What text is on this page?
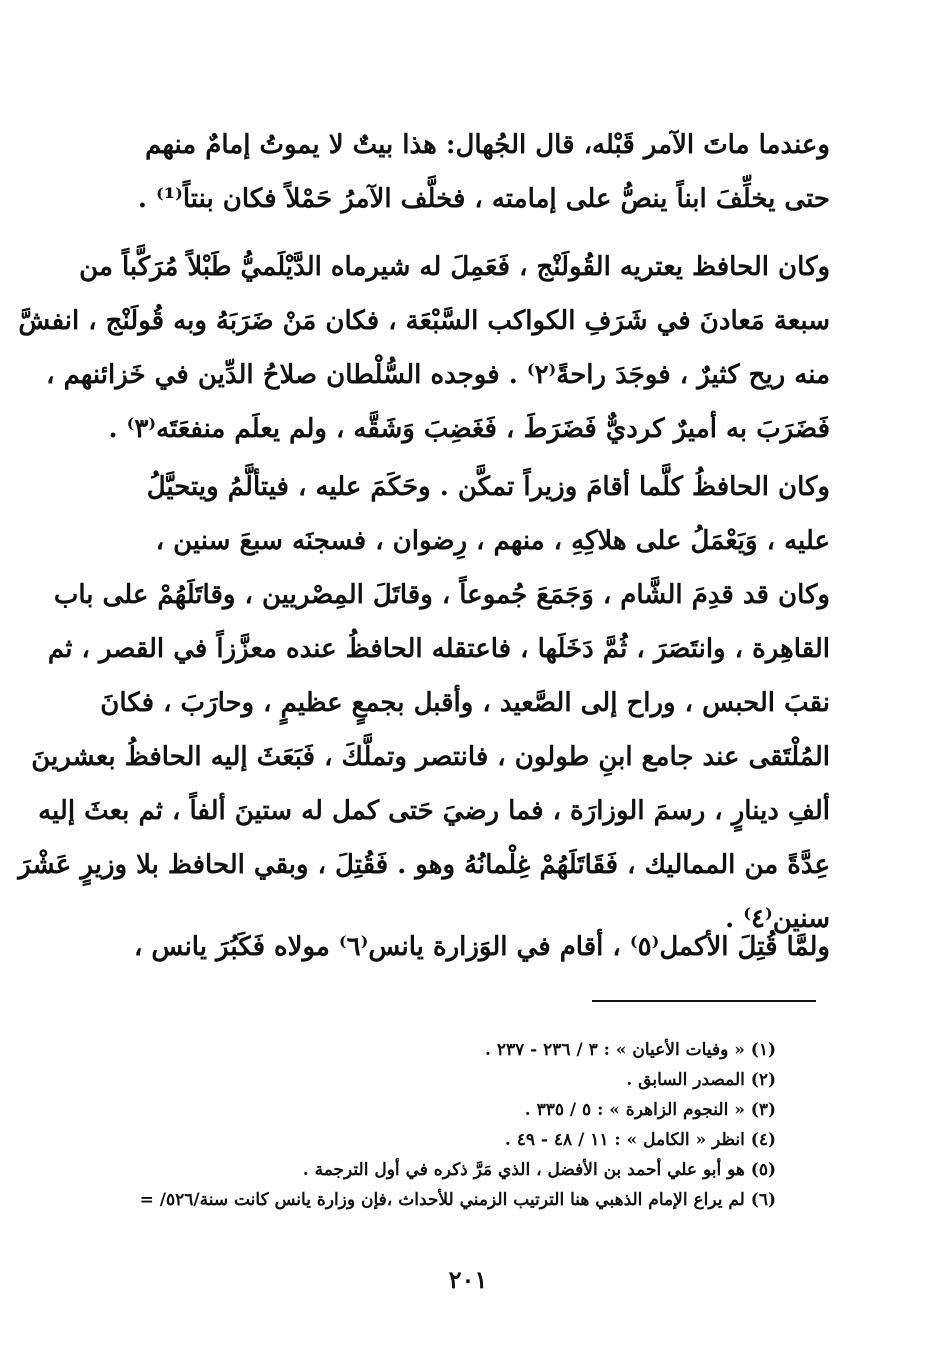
وعندما ماتَ الآمر قَبْله، قال الجُهال: هذا بيتٌ لا يموتُ إمامٌ منهم
حتى يخلِّفَ ابناً ينصُّ على إمامته ، فخلَّف الآمرُ حَمْلاً فكان بنتاً⁽¹⁾ .
وكان الحافظ يعتريه القُولَنْج ، فَعَمِلَ له شيرماه الدَّيْلَميُّ طَبْلاً مُرَكَّباً من
سبعة مَعادنَ في شَرَفِ الكواكب السَّبْعَة ، فكان مَنْ ضَرَبَهُ وبه قُولَنْج ، انفشَّ
منه ريح كثيرٌ ، فوجَدَ راحةً⁽٢⁾ . فوجده السُّلْطان صلاحُ الدِّين في خَزائنهم ،
فَضَرَبَ به أميرٌ كرديٌّ فَضَرَطَ ، فَغَضِبَ وَشَقَّه ، ولم يعلَم منفعَتَه⁽٣⁾ .
وكان الحافظُ كلَّما أقامَ وزيراً تمكَّن . وحَكَمَ عليه ، فيتألَّمُ ويتحيَّلُ
عليه ، وَيَعْمَلُ على هلاكِهِ ، منهم ، رِضوان ، فسجنَه سبعَ سنين ،
وكان قد قدِمَ الشَّام ، وَجَمَعَ جُموعاً ، وقاتَلَ المِصْريين ، وقاتَلَهُمْ على باب
القاهِرة ، وانتَصَرَ ، ثُمَّ دَخَلَها ، فاعتقله الحافظُ عنده معزَّزاً في القصر ، ثم
نقبَ الحبس ، وراح إلى الصَّعيد ، وأقبل بجمعٍ عظيمٍ ، وحارَبَ ، فكانَ
المُلْتَقى عند جامع ابنِ طولون ، فانتصر وتملَّكَ ، فَبَعَثَ إليه الحافظُ بعشرينَ
ألفِ دينارٍ ، رسمَ الوزارَة ، فما رضيَ حَتى كمل له ستينَ ألفاً ، ثم بعثَ إليه
عِدَّةً من المماليك ، فَقَاتَلَهُمْ غِلْمانُهُ وهو . فَقُتِلَ ، وبقي الحافظ بلا وزيرٍ عَشْرَ
سنين⁽٤⁾ .
ولمَّا قُتِلَ الأكمل⁽٥⁾ ، أقام في الوَزارة يانس⁽٦⁾ مولاه فَكَبُرَ يانس ،
(١) « وفيات الأعيان » : ٣ / ٢٣٦ - ٢٣٧ .
(٢) المصدر السابق .
(٣) « النجوم الزاهرة » : ٥ / ٣٣٥ .
(٤) انظر « الكامل » : ١١ / ٤٨ - ٤٩ .
(٥) هو أبو علي أحمد بن الأفضل ، الذي مَرَّ ذكره في أول الترجمة .
(٦) لم يراع الإمام الذهبي هنا الترتيب الزمني للأحداث ،فإن وزارة يانس كانت سنة/٥٢٦/ =
٢٠١
